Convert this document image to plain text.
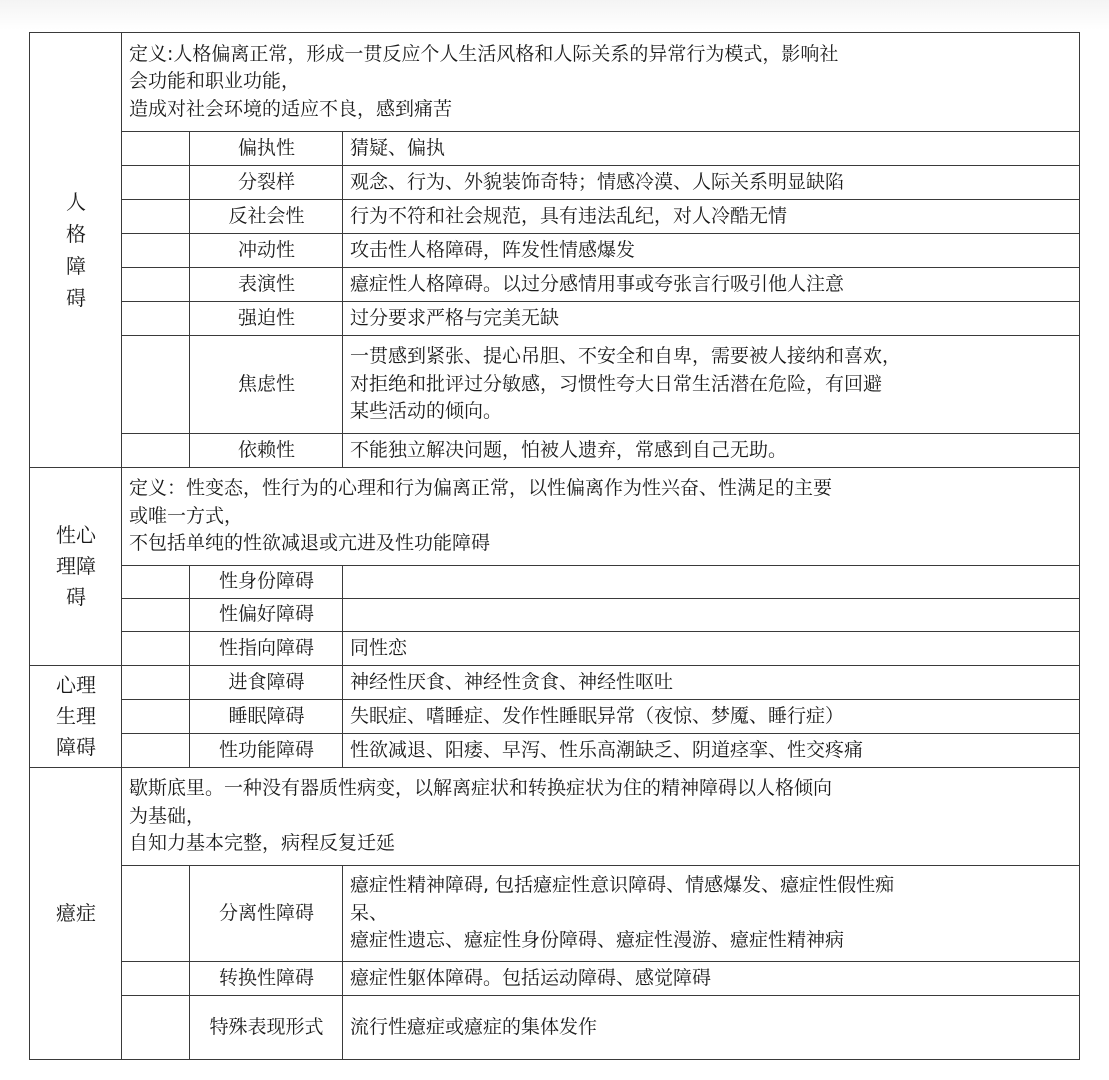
人格障碍	定义:人格偏离正常，形成一贯反应个人生活风格和人际关系的异常行为模式，影响社
会功能和职业功能，
造成对社会环境的适应不良，感到痛苦		

		偏执性	猜疑、偏执
		分裂样	观念、行为、外貌装饰奇特；情感冷漠、人际关系明显缺陷
		反社会性	行为不符和社会规范，具有违法乱纪，对人冷酷无情
		冲动性	攻击性人格障碍，阵发性情感爆发
		表演性	癔症性人格障碍。以过分感情用事或夸张言行吸引他人注意
		强迫性	过分要求严格与完美无缺
		焦虑性	一贯感到紧张、提心吊胆、不安全和自卑，需要被人接纳和喜欢，
对拒绝和批评过分敏感，习惯性夸大日常生活潜在危险，有回避
某些活动的倾向。

		依赖性	不能独立解决问题，怕被人遗弃，常感到自己无助。
性心理障碍	定义：性变态，性行为的心理和行为偏离正常，以性偏离作为性兴奋、性满足的主要
或唯一方式，
不包括单纯的性欲减退或亢进及性功能障碍		

		性身份障碍	
		性偏好障碍	
		性指向障碍	同性恋
心理生理障碍		进食障碍	神经性厌食、神经性贪食、神经性呕吐
		睡眠障碍	失眠症、嗜睡症、发作性睡眠异常（夜惊、梦魇、睡行症）
		性功能障碍	性欲减退、阳痿、早泻、性乐高潮缺乏、阴道痉挛、性交疼痛
癔症	歇斯底里。一种没有器质性病变，以解离症状和转换症状为住的精神障碍以人格倾向
为基础，
自知力基本完整，病程反复迁延		

		分离性障碍	癔症性精神障碍, 包括癔症性意识障碍、情感爆发、癔症性假性痴
呆、
癔症性遗忘、癔症性身份障碍、癔症性漫游、癔症性精神病

		转换性障碍	癔症性躯体障碍。包括运动障碍、感觉障碍
		特殊表现形式	流行性癔症或癔症的集体发作
